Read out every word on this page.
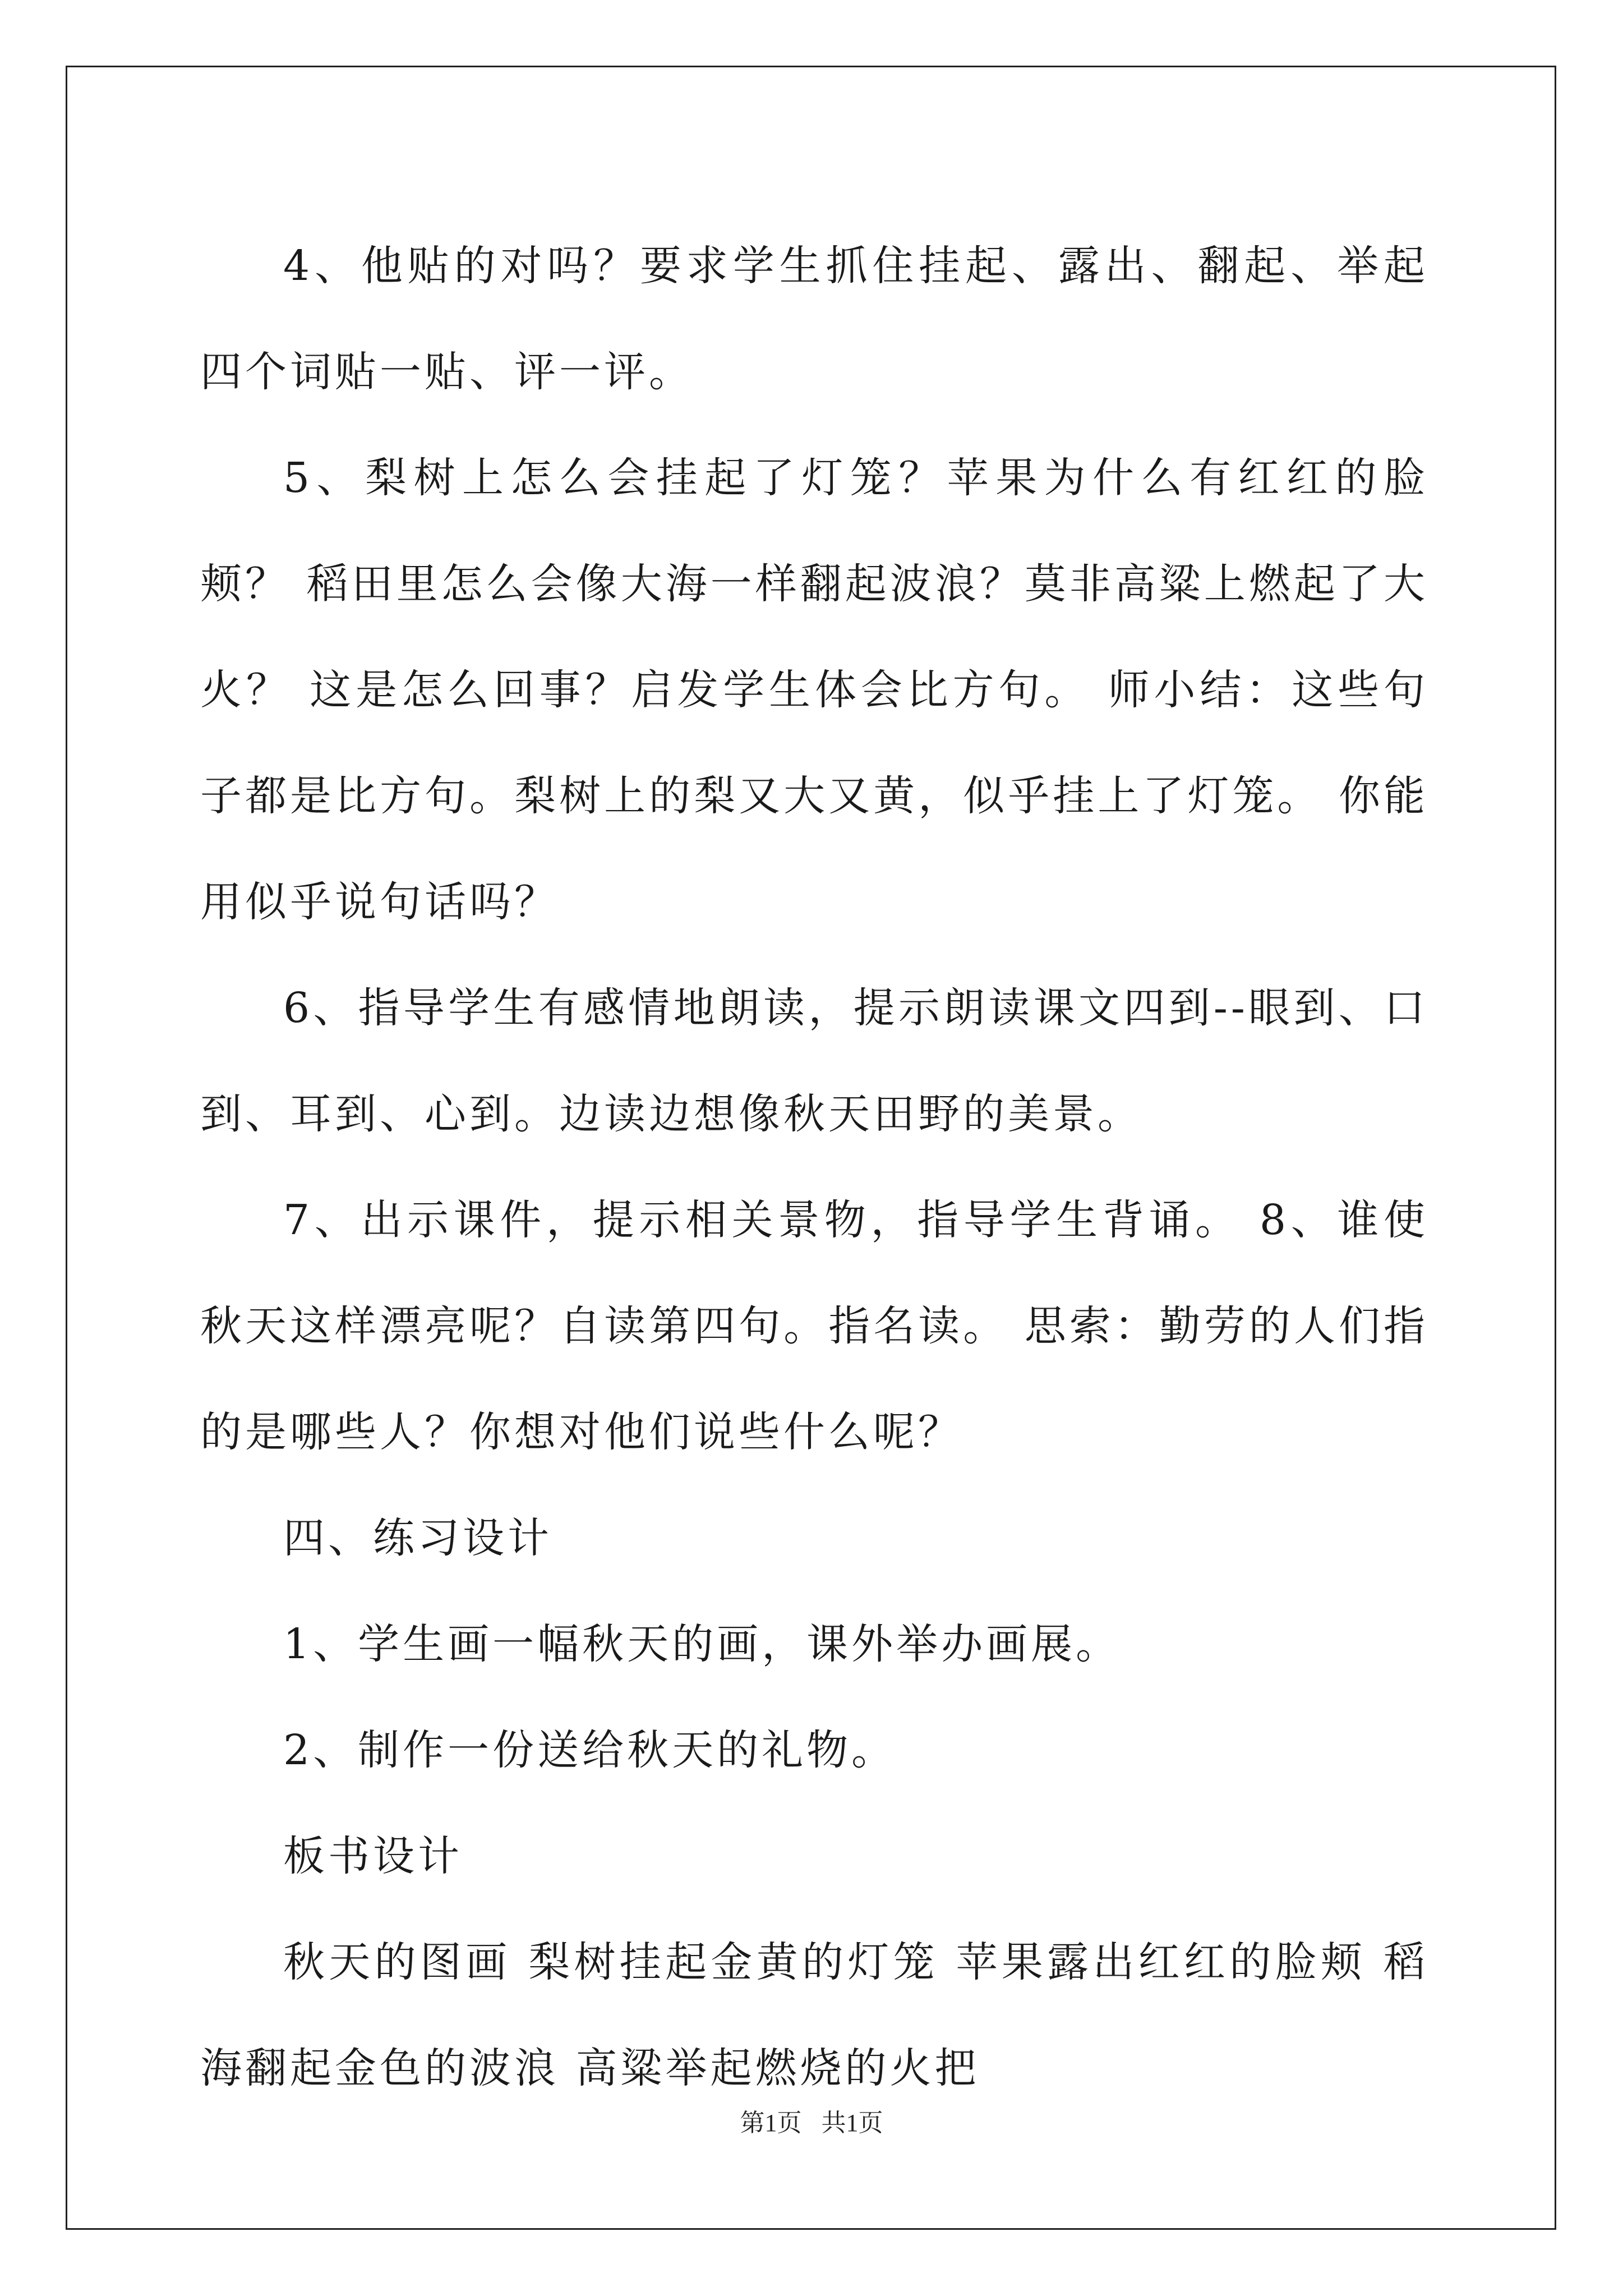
4、他贴的对吗？要求学生抓住挂起、露出、翻起、举起四个词贴一贴、评一评。

5、梨树上怎么会挂起了灯笼？苹果为什么有红红的脸颊？ 稻田里怎么会像大海一样翻起波浪？莫非高粱上燃起了大火？ 这是怎么回事？启发学生体会比方句。 师小结：这些句子都是比方句。梨树上的梨又大又黄，似乎挂上了灯笼。 你能用似乎说句话吗？

6、指导学生有感情地朗读，提示朗读课文四到--眼到、口到、耳到、心到。边读边想像秋天田野的美景。

7、出示课件，提示相关景物，指导学生背诵。 8、谁使秋天这样漂亮呢？自读第四句。指名读。 思索：勤劳的人们指的是哪些人？你想对他们说些什么呢？

四、练习设计

1、学生画一幅秋天的画，课外举办画展。

2、制作一份送给秋天的礼物。

板书设计

秋天的图画 梨树挂起金黄的灯笼 苹果露出红红的脸颊 稻海翻起金色的波浪 高粱举起燃烧的火把

第1页 共1页
